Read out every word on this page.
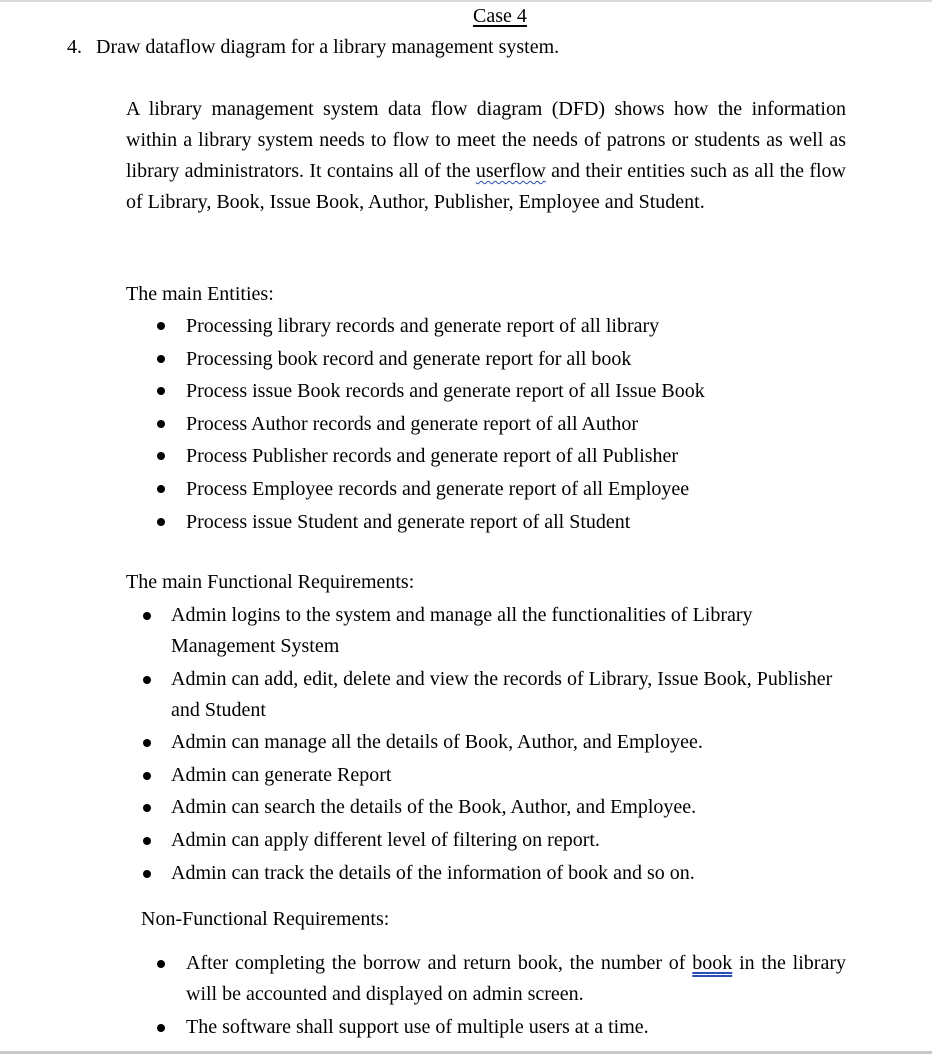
Case 4
4. Draw dataflow diagram for a library management system.

A library management system data flow diagram (DFD) shows how the information within a library system needs to flow to meet the needs of patrons or students as well as library administrators. It contains all of the userflow and their entities such as all the flow of Library, Book, Issue Book, Author, Publisher, Employee and Student.

The main Entities:

Processing library records and generate report of all library
Processing book record and generate report for all book
Process issue Book records and generate report of all Issue Book
Process Author records and generate report of all Author
Process Publisher records and generate report of all Publisher
Process Employee records and generate report of all Employee
Process issue Student and generate report of all Student

The main Functional Requirements:

Admin logins to the system and manage all the functionalities of Library Management System
Admin can add, edit, delete and view the records of Library, Issue Book, Publisher and Student
Admin can manage all the details of Book, Author, and Employee.
Admin can generate Report
Admin can search the details of the Book, Author, and Employee.
Admin can apply different level of filtering on report.
Admin can track the details of the information of book and so on.

Non-Functional Requirements:

After completing the borrow and return book, the number of book in the library will be accounted and displayed on admin screen.
The software shall support use of multiple users at a time.
